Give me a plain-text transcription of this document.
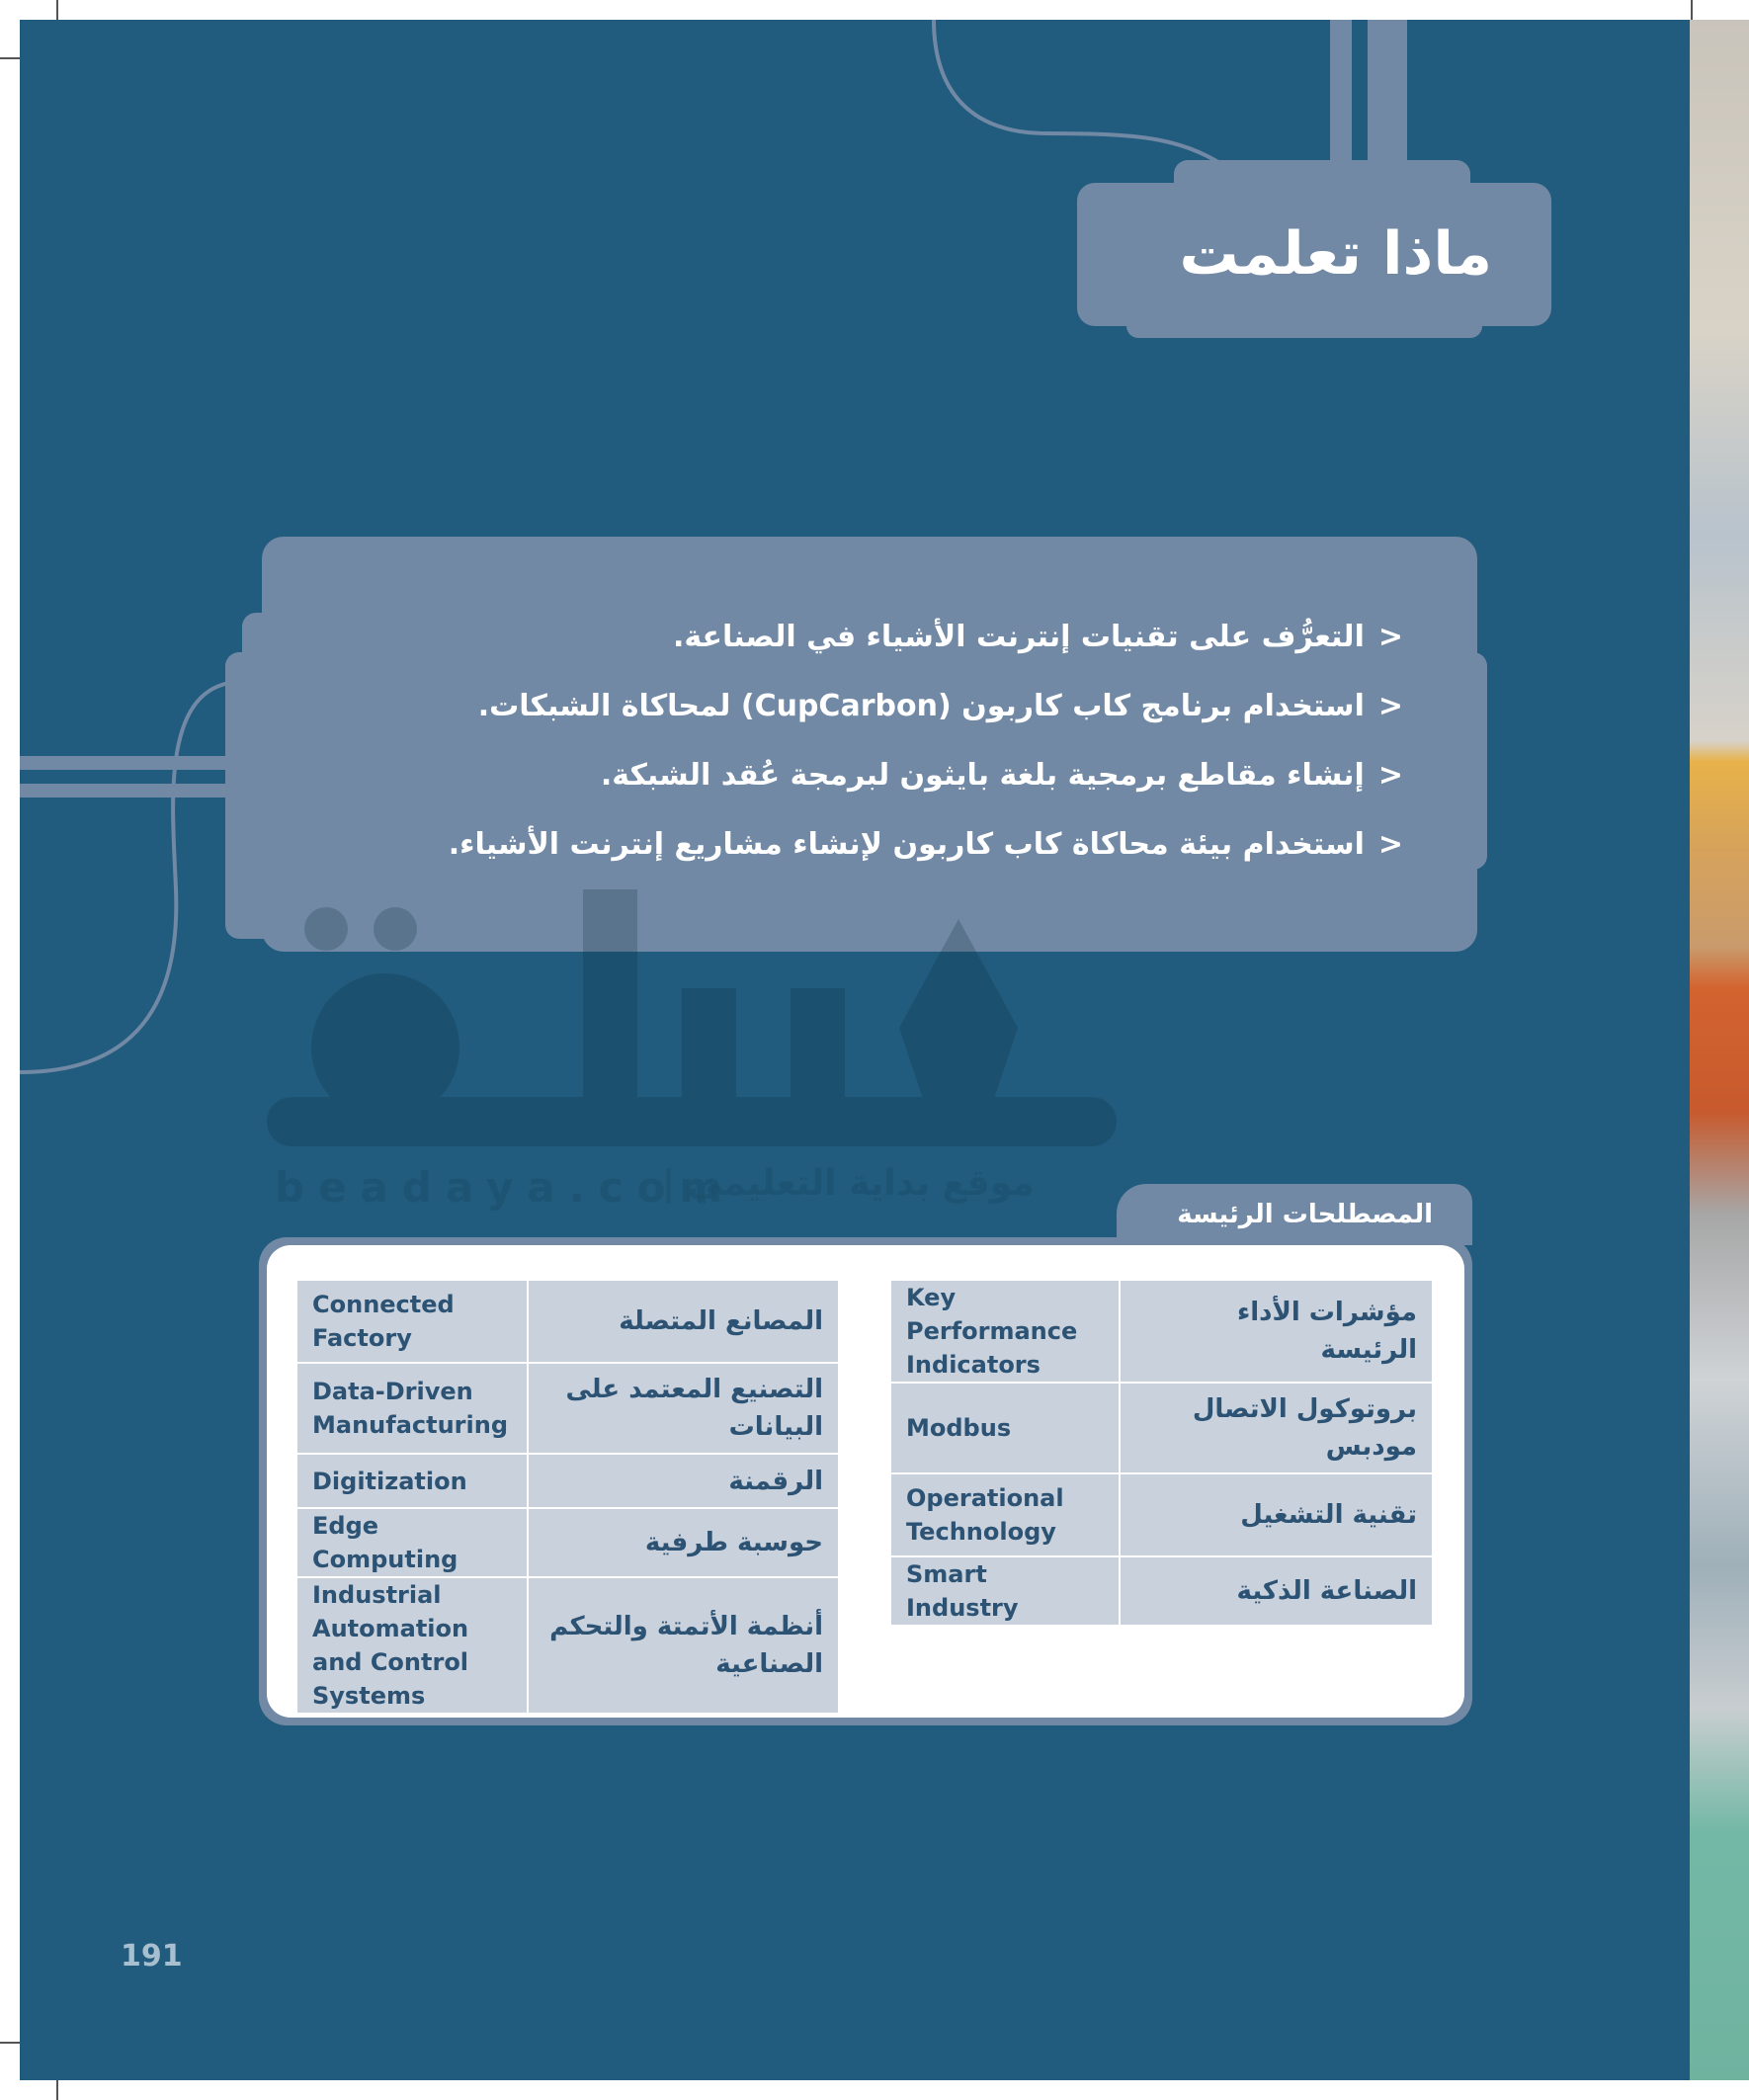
ماذا تعلمت
<التعرُّف على تقنيات إنترنت الأشياء في الصناعة.
<استخدام برنامج كاب كاربون (CupCarbon) لمحاكاة الشبكات.
<إنشاء مقاطع برمجية بلغة بايثون لبرمجة عُقد الشبكة.
<استخدام بيئة محاكاة كاب كاربون لإنشاء مشاريع إنترنت الأشياء.
beadaya.com
موقع بداية التعليمي |
المصطلحات الرئيسة
Connected Factory	المصانع المتصلة
Data-Driven Manufacturing	التصنيع المعتمد على البيانات
Digitization	الرقمنة
Edge Computing	حوسبة طرفية
Industrial Automation and Control Systems	أنظمة الأتمتة والتحكم الصناعية
Key Performance Indicators	مؤشرات الأداء الرئيسة
Modbus	بروتوكول الاتصال مودبس
Operational Technology	تقنية التشغيل
Smart Industry	الصناعة الذكية
191
